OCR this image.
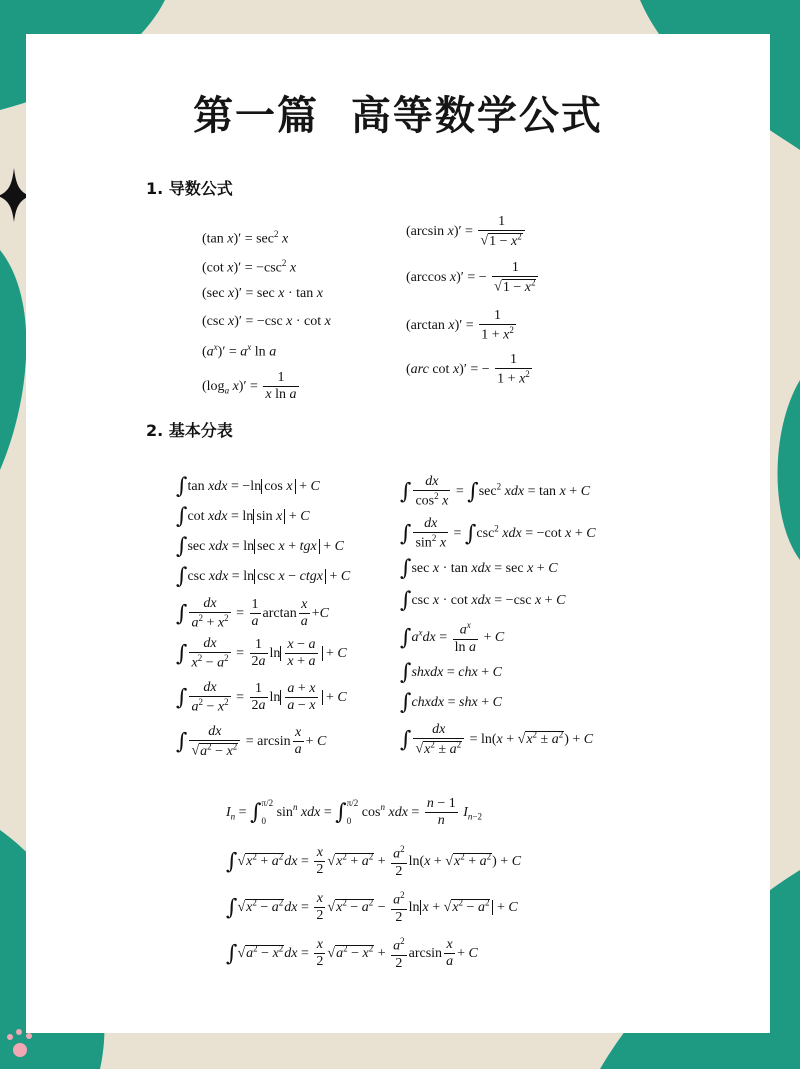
第一篇  高等数学公式
1. 导数公式
(tan $x)' = \sec^2 x$
(cot $x)' = -\csc^2$ x
(sec x)′ = sec x · tan x
(csc x)′ = −csc x · cot x
$(a^x)' = a^x$ ln a
($\log_a$ $x)' = \frac{1}{\text{x ln a}}$
(arcsin $x)' = \frac{1}{√1 - x^2}$
(arccos x)′ = − $\frac{1}{√1 - x^2}$
(arctan $x)' = \frac{1}{1 + x^2}$
(arc cot x)′ = − $\frac{1}{1 + x^2}$
2. 基本分表
∫tan xdx = −ln cos x + C
∫cot xdx = ln sin x + C
∫sec xdx = ln sec x + tgx + C
∫csc xdx = ln csc x − ctgx + C
∫ $\frac{dx}{a^2 + x^2} = \frac{1}{a}$ $\arctan \frac{x}{a} +C$
∫ $\frac{dx}{x^2 - a^2} = \frac{1}{2a}$ $\ln \frac{x - a}{x + a} + C$
∫ $\frac{dx}{a^2 - x^2} = \frac{1}{2a}$ $\ln \frac{a + x}{a - x} + C$
∫ $\frac{dx}{√a^2 - x^2} = \arcsin \frac{x}{a} + C$
∫ $\frac{dx}{\cos^2 x} = \int\sec^2$ xdx = tan x + C
∫ $\frac{dx}{\sin^2 x} = \int\csc^2$ xdx = −cot x + C
∫sec x · tan xdx = sec x + C
∫csc x · cot xdx = −csc x + C
$\int a^xdx = \frac{a^x}{\text{ln a}} + C$
∫shxdx = chx + C
∫chxdx = shx + C
∫ $\frac{dx}{√x^2 \pm a^2} = \ln(x + √x^2 \pm a^2) + C$
$I_n = \int\pi/2$

0 $\sin^n$ xdx = ∫π/2

0 $\cos^n$ xdx = $\frac{n - 1}{n} I_{n-2}$
$\int√x^2 + a^2dx = \frac{x}{2} √x^2 + a^2 + \frac{a^2}{2} \ln(x + √x^2 + a^2) + C$
$\int√x^2 - a^2dx = \frac{x}{2} √x^2 - a^2 - \frac{a^2}{2}$ $\ln x + √x^2 - a^2 + C$
$\int√a^2 - x^2dx = \frac{x}{2} √a^2 - x^2 + \frac{a^2}{2}$ $\arcsin \frac{x}{a} + C$
